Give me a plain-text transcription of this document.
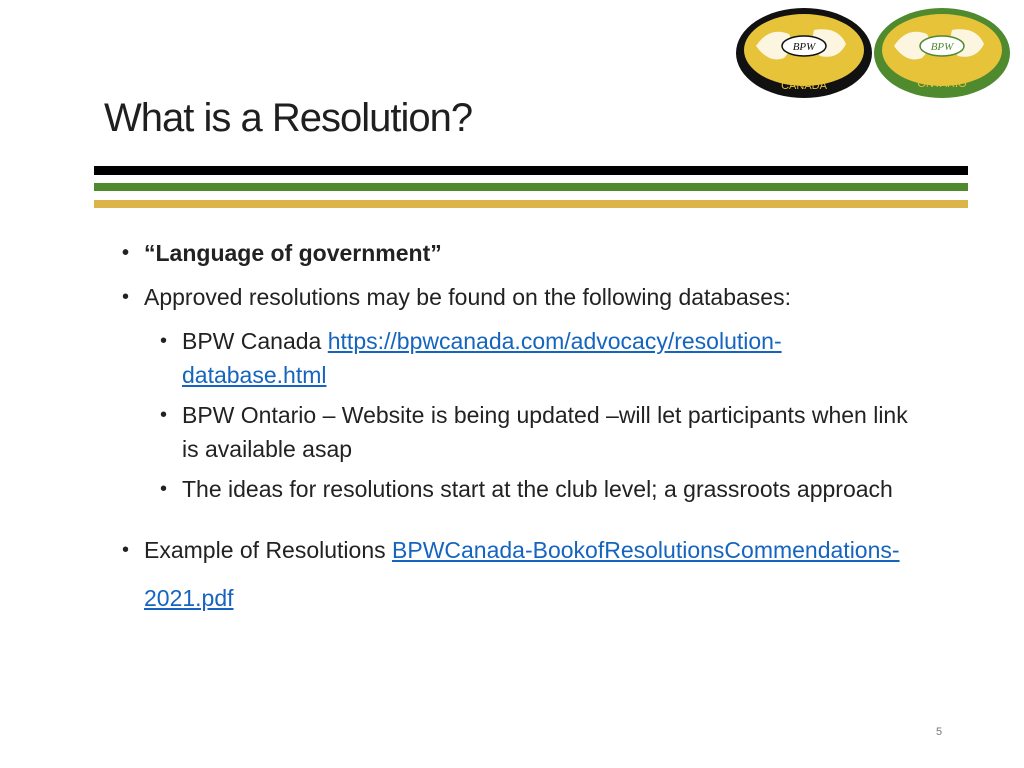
BPW
CANADA
BPW
ONTARIO
What is a Resolution?
• “Language of government”
• Approved resolutions may be found on the following databases:
• BPW Canada https://bpwcanada.com/advocacy/resolution-database.html
• BPW Ontario – Website is being updated –will let participants when link is available asap
• The ideas for resolutions start at the club level; a grassroots approach
• Example of Resolutions BPWCanada-BookofResolutionsCommendations-2021.pdf
5
